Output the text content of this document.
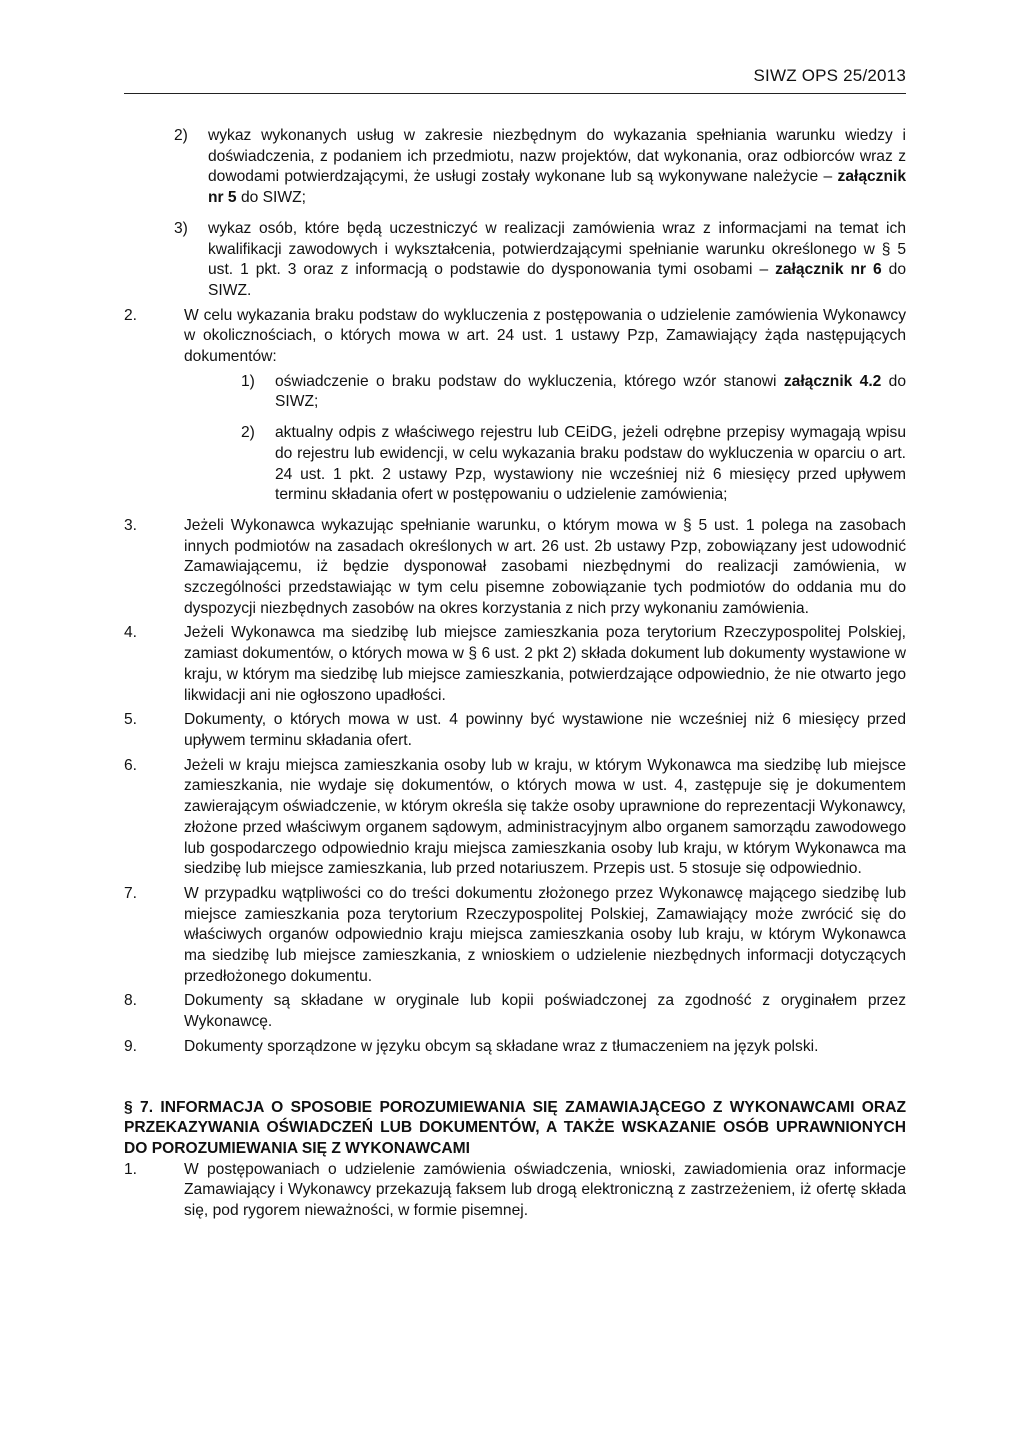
SIWZ OPS 25/2013
2)	wykaz wykonanych usług w zakresie niezbędnym do wykazania spełniania warunku wiedzy i doświadczenia, z podaniem ich przedmiotu, nazw projektów, dat wykonania, oraz odbiorców wraz z dowodami potwierdzającymi, że usługi zostały wykonane lub są wykonywane należycie – załącznik nr 5 do SIWZ;
3)	wykaz osób, które będą uczestniczyć w realizacji zamówienia wraz z informacjami na temat ich kwalifikacji zawodowych i wykształcenia, potwierdzającymi spełnianie warunku określonego w § 5 ust. 1 pkt. 3 oraz z informacją o podstawie do dysponowania tymi osobami – załącznik nr 6 do SIWZ.
2.	W celu wykazania braku podstaw do wykluczenia z postępowania o udzielenie zamówienia Wykonawcy w okolicznościach, o których mowa w art. 24 ust. 1 ustawy Pzp, Zamawiający żąda następujących dokumentów:
1)	oświadczenie o braku podstaw do wykluczenia, którego wzór stanowi załącznik 4.2 do SIWZ;
2)	aktualny odpis z właściwego rejestru lub CEiDG, jeżeli odrębne przepisy wymagają wpisu do rejestru lub ewidencji, w celu wykazania braku podstaw do wykluczenia w oparciu o art. 24 ust. 1 pkt. 2 ustawy Pzp, wystawiony nie wcześniej niż 6 miesięcy przed upływem terminu składania ofert w postępowaniu o udzielenie zamówienia;
3.	Jeżeli Wykonawca wykazując spełnianie warunku, o którym mowa w § 5 ust. 1 polega na zasobach innych podmiotów na zasadach określonych w art. 26 ust. 2b ustawy Pzp, zobowiązany jest udowodnić Zamawiającemu, iż będzie dysponował zasobami niezbędnymi do realizacji zamówienia, w szczególności przedstawiając w tym celu pisemne zobowiązanie tych podmiotów do oddania mu do dyspozycji niezbędnych zasobów na okres korzystania z nich przy wykonaniu zamówienia.
4.	Jeżeli Wykonawca ma siedzibę lub miejsce zamieszkania poza terytorium Rzeczypospolitej Polskiej, zamiast dokumentów, o których mowa w § 6 ust. 2 pkt 2) składa dokument lub dokumenty wystawione w kraju, w którym ma siedzibę lub miejsce zamieszkania, potwierdzające odpowiednio, że nie otwarto jego likwidacji ani nie ogłoszono upadłości.
5.	Dokumenty, o których mowa w ust. 4 powinny być wystawione nie wcześniej niż 6 miesięcy przed upływem terminu składania ofert.
6.	Jeżeli w kraju miejsca zamieszkania osoby lub w kraju, w którym Wykonawca ma siedzibę lub miejsce zamieszkania, nie wydaje się dokumentów, o których mowa w ust. 4, zastępuje się je dokumentem zawierającym oświadczenie, w którym określa się także osoby uprawnione do reprezentacji Wykonawcy, złożone przed właściwym organem sądowym, administracyjnym albo organem samorządu zawodowego lub gospodarczego odpowiednio kraju miejsca zamieszkania osoby lub kraju, w którym Wykonawca ma siedzibę lub miejsce zamieszkania, lub przed notariuszem. Przepis ust. 5 stosuje się odpowiednio.
7.	W przypadku wątpliwości co do treści dokumentu złożonego przez Wykonawcę mającego siedzibę lub miejsce zamieszkania poza terytorium Rzeczypospolitej Polskiej, Zamawiający może zwrócić się do właściwych organów odpowiednio kraju miejsca zamieszkania osoby lub kraju, w którym Wykonawca ma siedzibę lub miejsce zamieszkania, z wnioskiem o udzielenie niezbędnych informacji dotyczących przedłożonego dokumentu.
8.	Dokumenty są składane w oryginale lub kopii poświadczonej za zgodność z oryginałem przez Wykonawcę.
9.	Dokumenty sporządzone w języku obcym są składane wraz z tłumaczeniem na język polski.
§ 7. INFORMACJA O SPOSOBIE POROZUMIEWANIA SIĘ ZAMAWIAJĄCEGO Z WYKONAWCAMI ORAZ PRZEKAZYWANIA OŚWIADCZEŃ LUB DOKUMENTÓW, A TAKŻE WSKAZANIE OSÓB UPRAWNIONYCH DO POROZUMIEWANIA SIĘ Z WYKONAWCAMI
1.	W postępowaniach o udzielenie zamówienia oświadczenia, wnioski, zawiadomienia oraz informacje Zamawiający i Wykonawcy przekazują faksem lub drogą elektroniczną z zastrzeżeniem, iż ofertę składa się, pod rygorem nieważności, w formie pisemnej.
